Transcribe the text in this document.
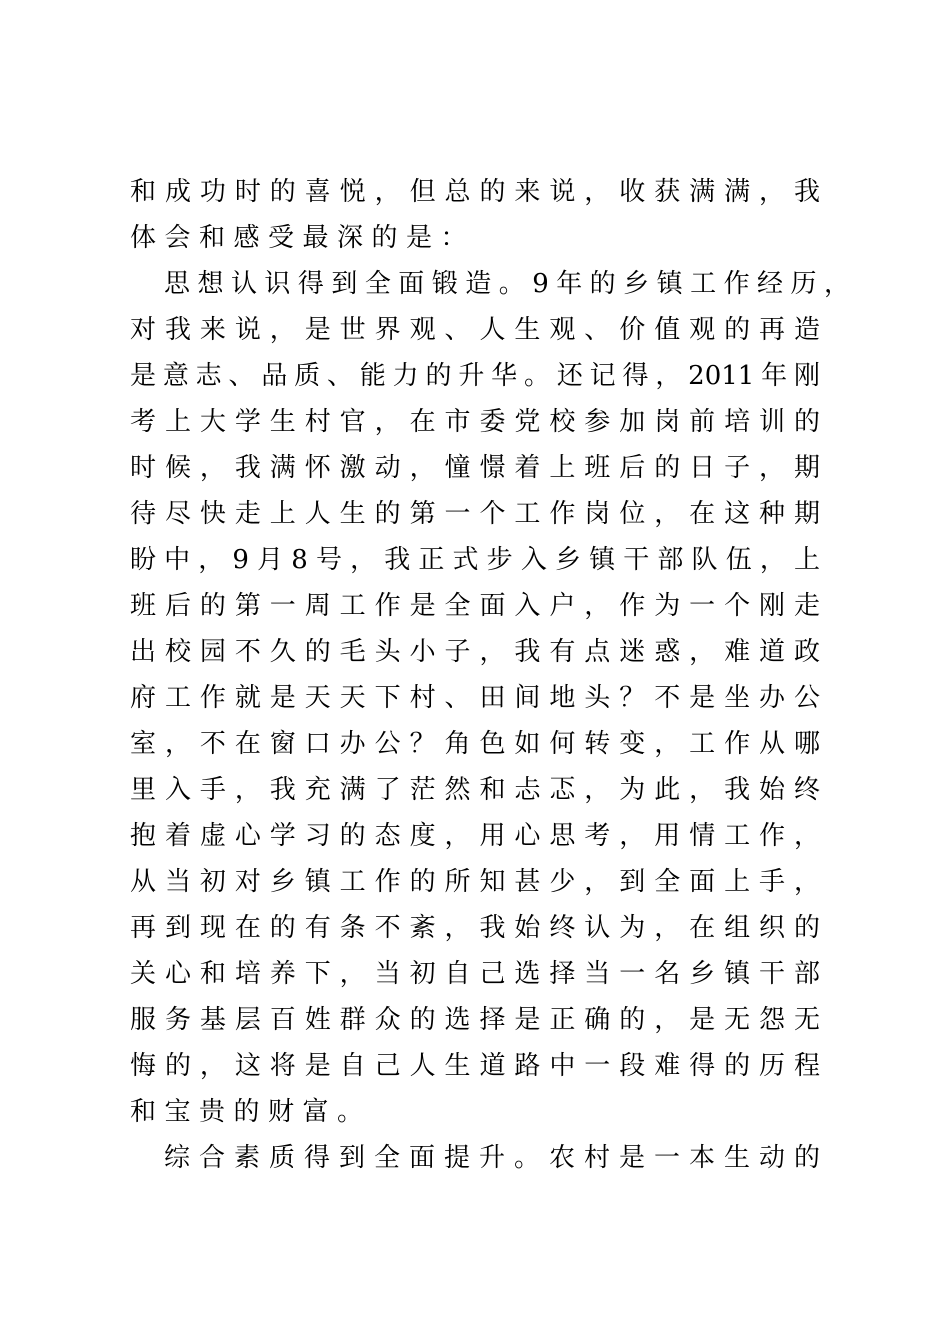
和成功时的喜悦，但总的来说，收获满满，我
体会和感受最深的是：
思想认识得到全面锻造。9年的乡镇工作经历，
对我来说，是世界观、人生观、价值观的再造
是意志、品质、能力的升华。还记得，2011年刚
考上大学生村官，在市委党校参加岗前培训的
时候，我满怀激动，憧憬着上班后的日子，期
待尽快走上人生的第一个工作岗位，在这种期
盼中，9月8号，我正式步入乡镇干部队伍，上
班后的第一周工作是全面入户，作为一个刚走
出校园不久的毛头小子，我有点迷惑，难道政
府工作就是天天下村、田间地头？不是坐办公
室，不在窗口办公？角色如何转变，工作从哪
里入手，我充满了茫然和忐忑，为此，我始终
抱着虚心学习的态度，用心思考，用情工作，
从当初对乡镇工作的所知甚少，到全面上手，
再到现在的有条不紊，我始终认为，在组织的
关心和培养下，当初自己选择当一名乡镇干部
服务基层百姓群众的选择是正确的，是无怨无
悔的，这将是自己人生道路中一段难得的历程
和宝贵的财富。
综合素质得到全面提升。农村是一本生动的
